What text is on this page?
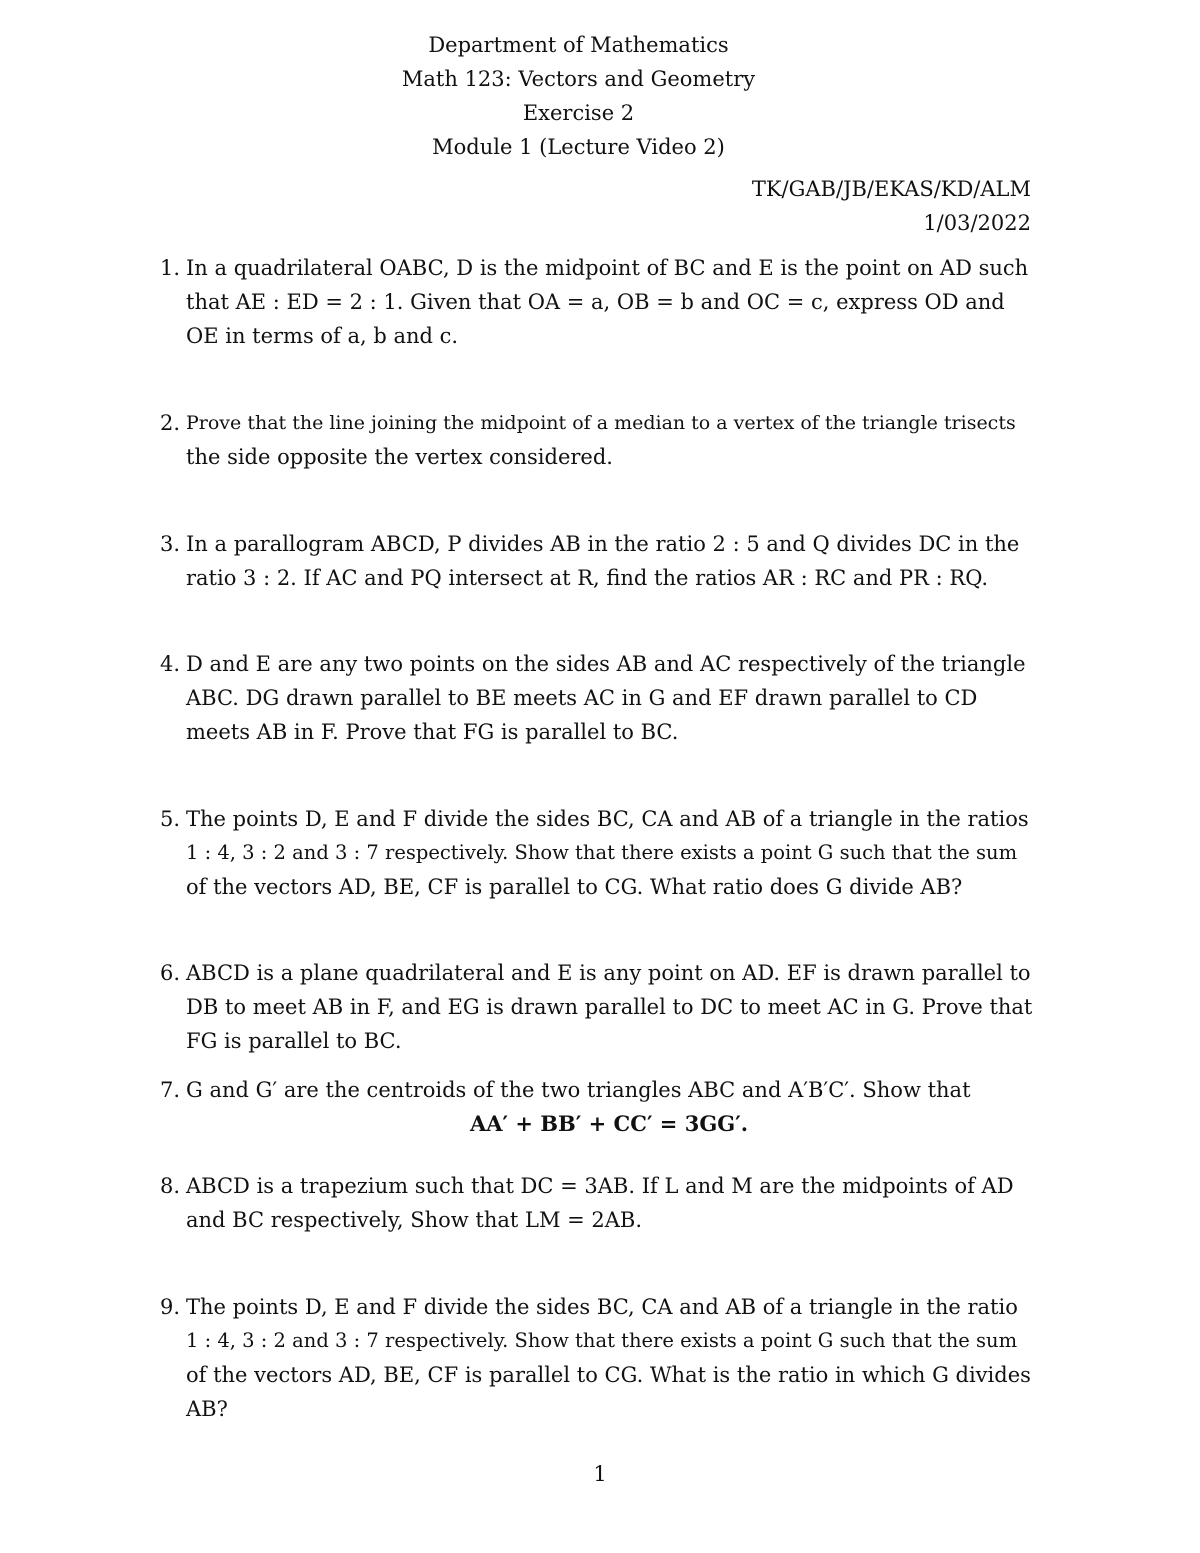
Department of Mathematics
Math 123: Vectors and Geometry
Exercise 2
Module 1 (Lecture Video 2)
TK/GAB/JB/EKAS/KD/ALM
1/03/2022
1. In a quadrilateral OABC, D is the midpoint of BC and E is the point on AD such
that AE : ED = 2 : 1. Given that OA = a, OB = b and OC = c, express OD and
OE in terms of a, b and c.
2. Prove that the line joining the midpoint of a median to a vertex of the triangle trisects
the side opposite the vertex considered.
3. In a parallogram ABCD, P divides AB in the ratio 2 : 5 and Q divides DC in the
ratio 3 : 2. If AC and PQ intersect at R, find the ratios AR : RC and PR : RQ.
4. D and E are any two points on the sides AB and AC respectively of the triangle
ABC. DG drawn parallel to BE meets AC in G and EF drawn parallel to CD
meets AB in F. Prove that FG is parallel to BC.
5. The points D, E and F divide the sides BC, CA and AB of a triangle in the ratios
1 : 4, 3 : 2 and 3 : 7 respectively. Show that there exists a point G such that the sum
of the vectors AD, BE, CF is parallel to CG. What ratio does G divide AB?
6. ABCD is a plane quadrilateral and E is any point on AD. EF is drawn parallel to
DB to meet AB in F, and EG is drawn parallel to DC to meet AC in G. Prove that
FG is parallel to BC.
7. G and G′ are the centroids of the two triangles ABC and A′B′C′. Show that
AA′ + BB′ + CC′ = 3GG′.
8. ABCD is a trapezium such that DC = 3AB. If L and M are the midpoints of AD
and BC respectively, Show that LM = 2AB.
9. The points D, E and F divide the sides BC, CA and AB of a triangle in the ratio
1 : 4, 3 : 2 and 3 : 7 respectively. Show that there exists a point G such that the sum
of the vectors AD, BE, CF is parallel to CG. What is the ratio in which G divides
AB?
1
